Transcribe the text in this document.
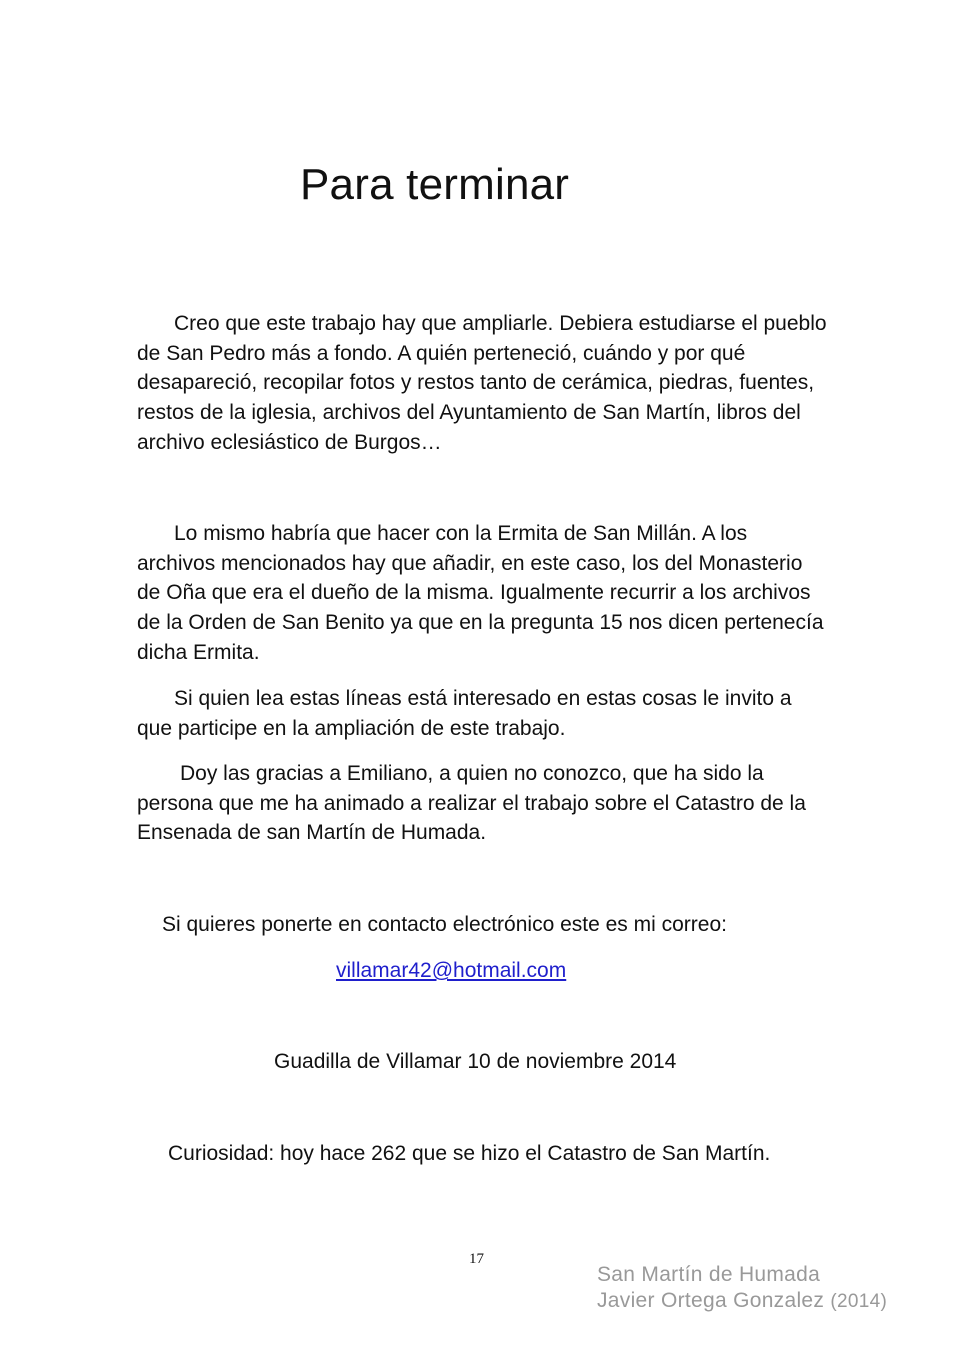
Para terminar

Creo que este trabajo hay que ampliarle. Debiera estudiarse el pueblo de San Pedro más a fondo. A quién perteneció, cuándo y por qué desapareció, recopilar fotos y restos tanto de cerámica, piedras, fuentes, restos de la iglesia, archivos del Ayuntamiento de San Martín, libros del archivo eclesiástico de Burgos…

Lo mismo habría que hacer con la Ermita de San Millán. A los archivos mencionados hay que añadir, en este caso, los del Monasterio de Oña que era el dueño de la misma. Igualmente recurrir a los archivos de la Orden de San Benito ya que en la pregunta 15 nos dicen pertenecía dicha Ermita.

Si quien lea estas líneas está interesado en estas cosas le invito a que participe en la ampliación de este trabajo.

Doy las gracias a Emiliano, a quien no conozco, que ha sido la persona que me ha animado a realizar el trabajo sobre el Catastro de la Ensenada de san Martín de Humada.

Si quieres ponerte en contacto electrónico este es mi correo:
villamar42@hotmail.com
Guadilla de Villamar 10 de noviembre 2014
Curiosidad: hoy hace 262 que se hizo el Catastro de San Martín.
17
San Martín de Humada
Javier Ortega Gonzalez (2014)
